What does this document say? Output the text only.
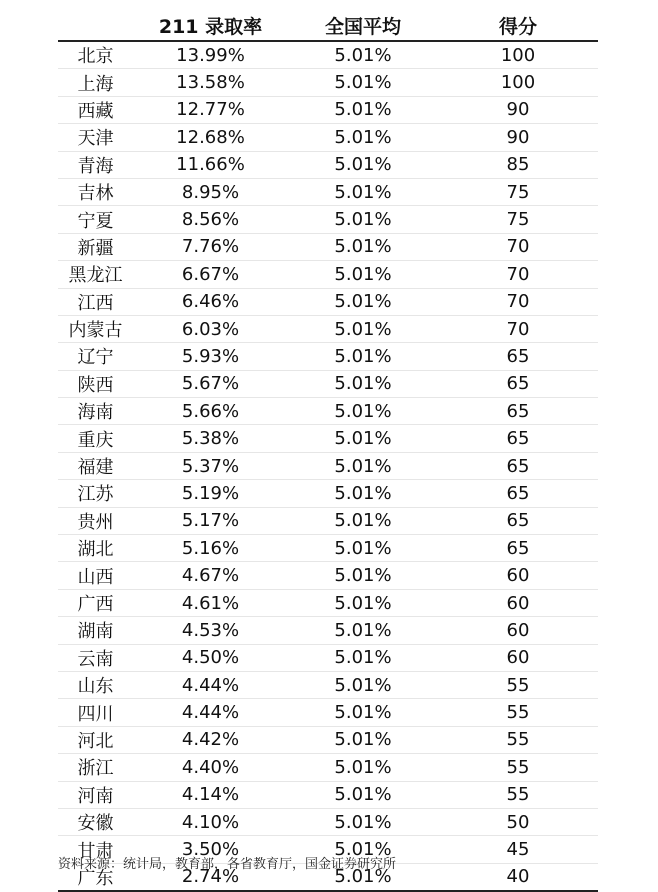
	211 录取率	全国平均	得分
北京	13.99%	5.01%	100
上海	13.58%	5.01%	100
西藏	12.77%	5.01%	90
天津	12.68%	5.01%	90
青海	11.66%	5.01%	85
吉林	8.95%	5.01%	75
宁夏	8.56%	5.01%	75
新疆	7.76%	5.01%	70
黑龙江	6.67%	5.01%	70
江西	6.46%	5.01%	70
内蒙古	6.03%	5.01%	70
辽宁	5.93%	5.01%	65
陕西	5.67%	5.01%	65
海南	5.66%	5.01%	65
重庆	5.38%	5.01%	65
福建	5.37%	5.01%	65
江苏	5.19%	5.01%	65
贵州	5.17%	5.01%	65
湖北	5.16%	5.01%	65
山西	4.67%	5.01%	60
广西	4.61%	5.01%	60
湖南	4.53%	5.01%	60
云南	4.50%	5.01%	60
山东	4.44%	5.01%	55
四川	4.44%	5.01%	55
河北	4.42%	5.01%	55
浙江	4.40%	5.01%	55
河南	4.14%	5.01%	55
安徽	4.10%	5.01%	50
甘肃	3.50%	5.01%	45
广东	2.74%	5.01%	40
资料来源：统计局，教育部，各省教育厅，国金证券研究所
